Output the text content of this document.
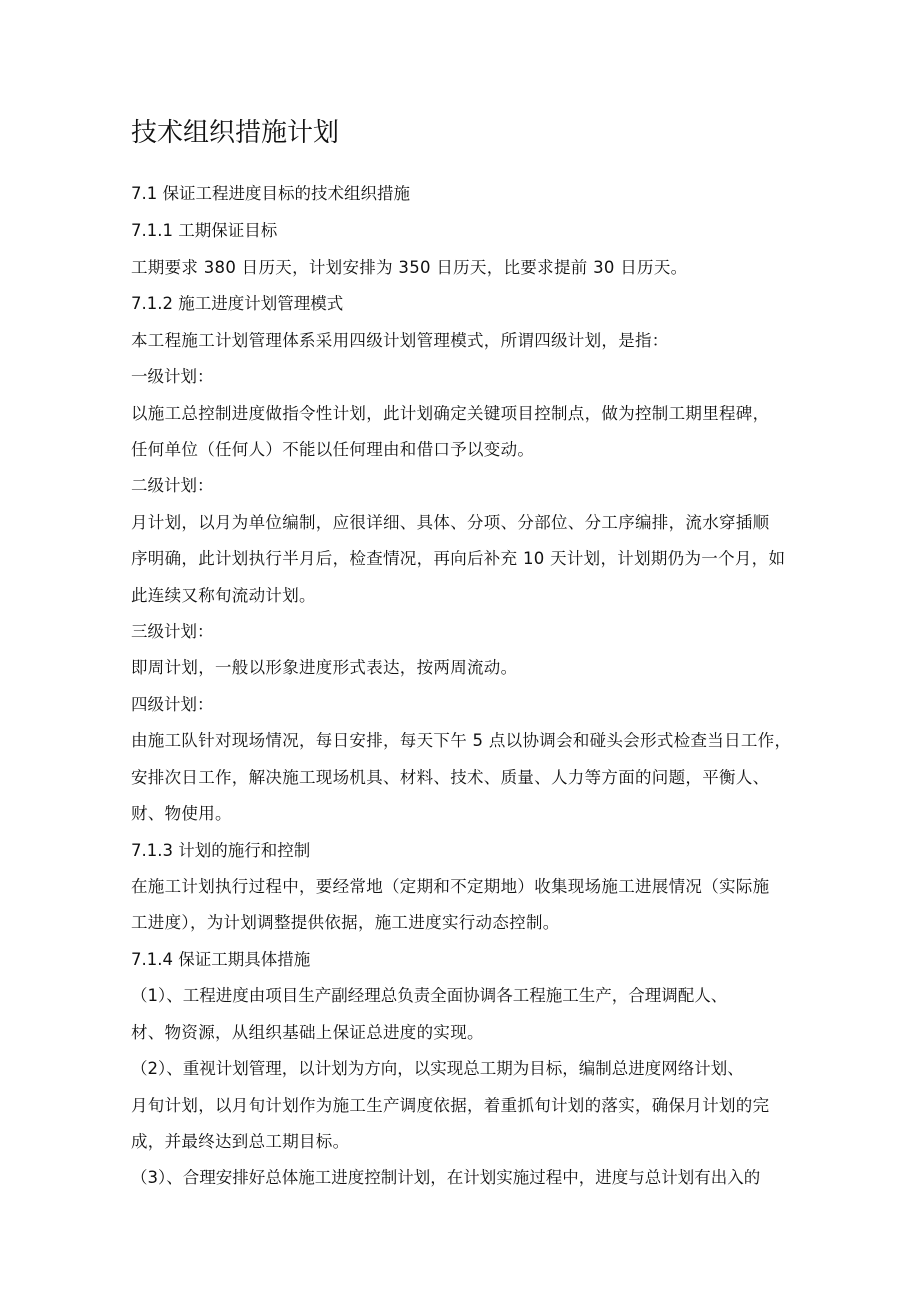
技术组织措施计划
7.1 保证工程进度目标的技术组织措施
7.1.1 工期保证目标
工期要求 380 日历天，计划安排为 350 日历天，比要求提前 30 日历天。
7.1.2 施工进度计划管理模式
本工程施工计划管理体系采用四级计划管理模式，所谓四级计划，是指：
一级计划：
以施工总控制进度做指令性计划，此计划确定关键项目控制点，做为控制工期里程碑，
任何单位（任何人）不能以任何理由和借口予以变动。
二级计划：
月计划，以月为单位编制，应很详细、具体、分项、分部位、分工序编排，流水穿插顺
序明确，此计划执行半月后，检查情况，再向后补充 10 天计划，计划期仍为一个月，如
此连续又称旬流动计划。
三级计划：
即周计划，一般以形象进度形式表达，按两周流动。
四级计划：
由施工队针对现场情况，每日安排，每天下午 5 点以协调会和碰头会形式检查当日工作，
安排次日工作，解决施工现场机具、材料、技术、质量、人力等方面的问题，平衡人、
财、物使用。
7.1.3 计划的施行和控制
在施工计划执行过程中，要经常地（定期和不定期地）收集现场施工进展情况（实际施
工进度），为计划调整提供依据，施工进度实行动态控制。
7.1.4 保证工期具体措施
（1）、工程进度由项目生产副经理总负责全面协调各工程施工生产，合理调配人、
材、物资源，从组织基础上保证总进度的实现。
（2）、重视计划管理，以计划为方向，以实现总工期为目标，编制总进度网络计划、
月旬计划，以月旬计划作为施工生产调度依据，着重抓旬计划的落实，确保月计划的完
成，并最终达到总工期目标。
（3）、合理安排好总体施工进度控制计划，在计划实施过程中，进度与总计划有出入的
